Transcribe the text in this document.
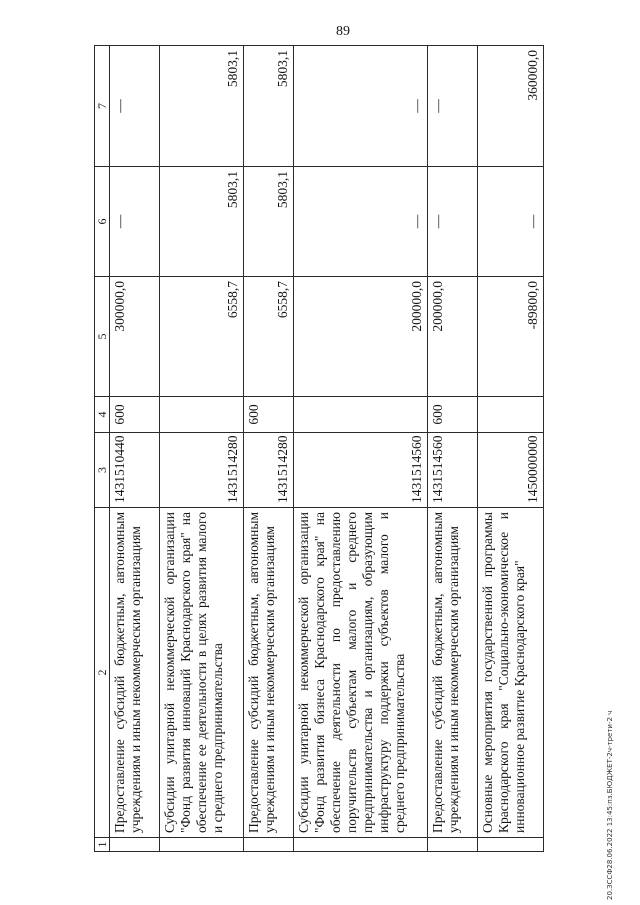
89
20.ЗССФ28.06.2022 13:45:пз.БЮДЖЕТ-2ч-трети-2 ч
1	2	3	4	5	6	7
	Предоставление субсидий бюджетным, автономным учреждениям и иным некоммерческим организациям	1431510440	600	300000,0	—	—
	Субсидии унитарной некоммерческой организации "Фонд развития инноваций Краснодарского края" на обеспечение ее деятельности в целях развития малого и среднего предпринимательства	1431514280		6558,7	5803,1	5803,1
	Предоставление субсидий бюджетным, автономным учреждениям и иным некоммерческим организациям	1431514280	600	6558,7	5803,1	5803,1
	Субсидии унитарной некоммерческой организации "Фонд развития бизнеса Краснодарского края" на обеспечение деятельности по предоставлению поручительств субъектам малого и среднего предпринимательства и организациям, образующим инфраструктуру поддержки субъектов малого и среднего предпринимательства	1431514560		200000,0	—	—
	Предоставление субсидий бюджетным, автономным учреждениям и иным некоммерческим организациям	1431514560	600	200000,0	—	—
	Основные мероприятия государственной программы Краснодарского края "Социально-экономическое и инновационное развитие Краснодарского края"	1450000000		-89800,0	—	360000,0
